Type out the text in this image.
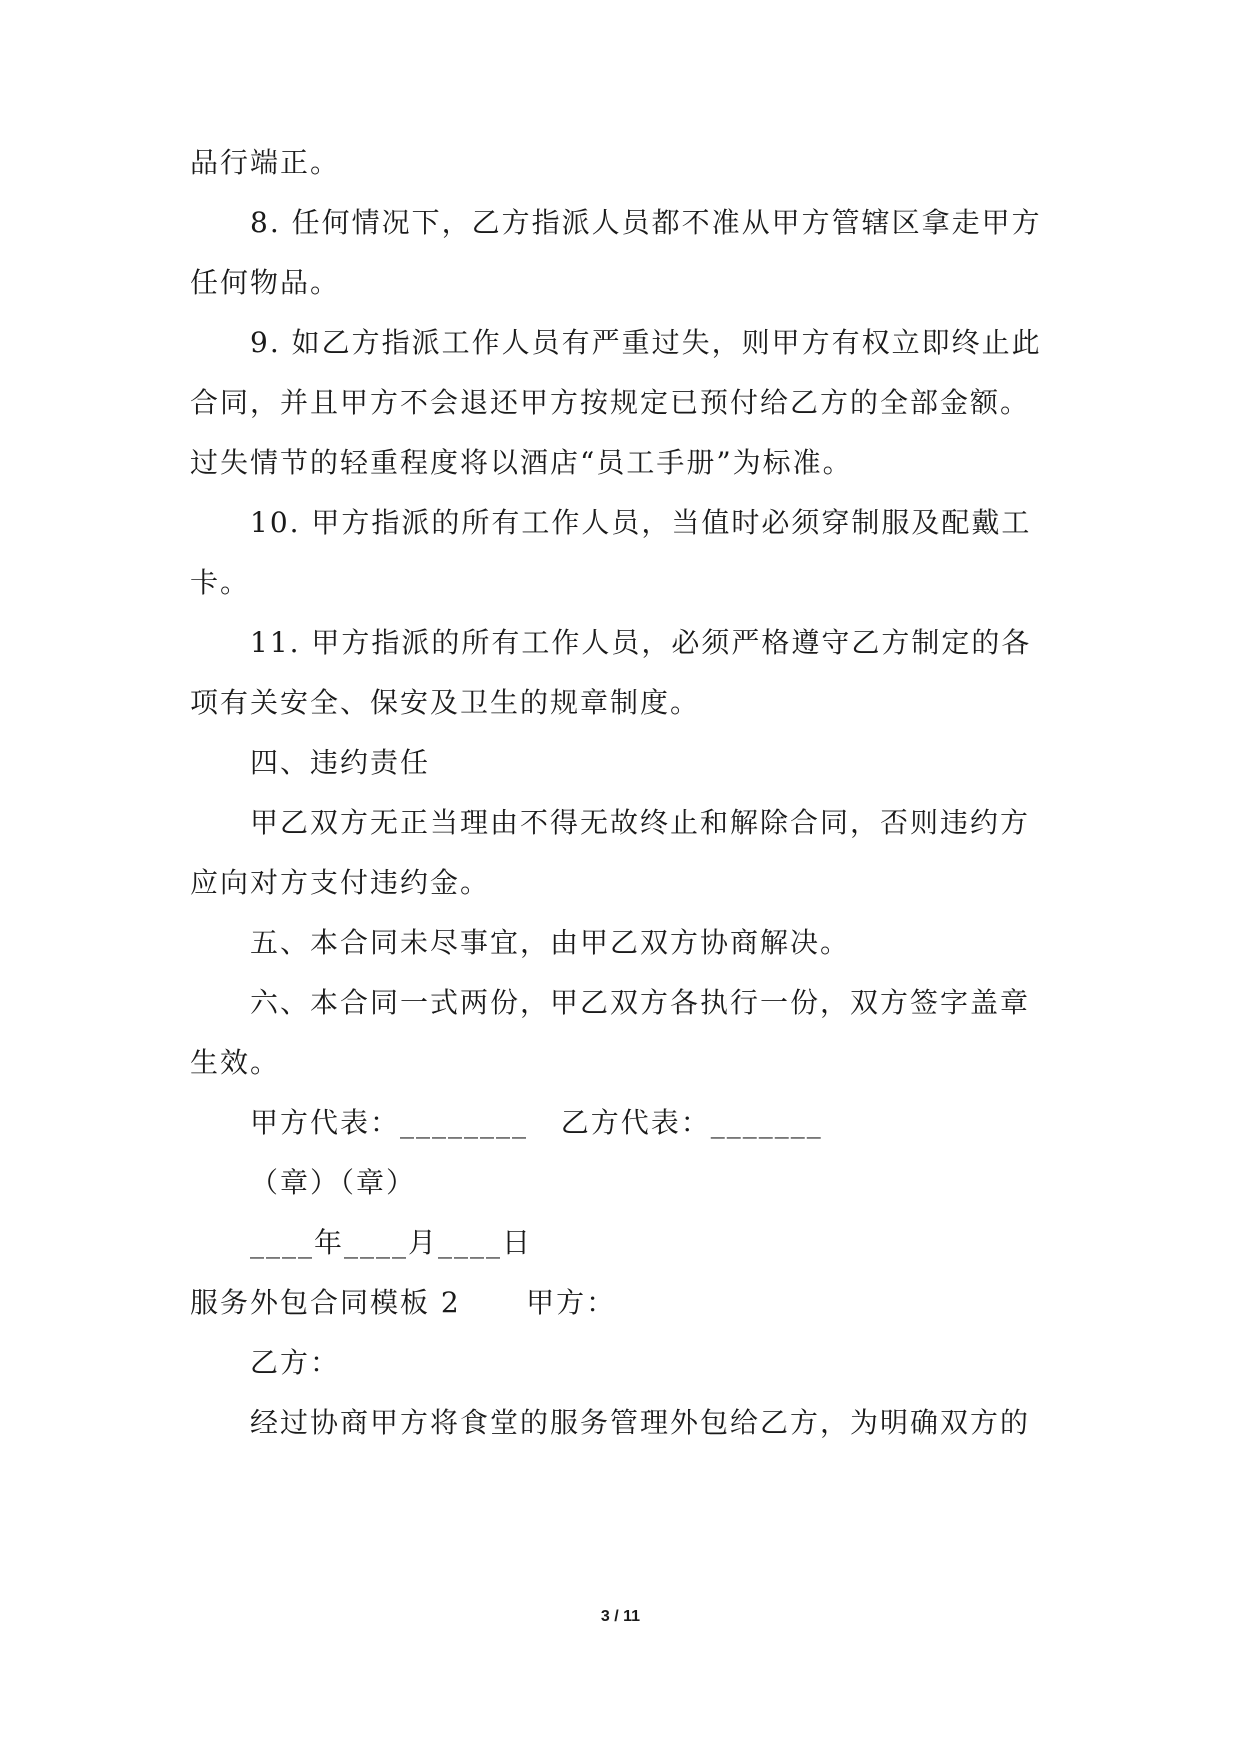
品行端正。
8. 任何情况下，乙方指派人员都不准从甲方管辖区拿走甲方
任何物品。
9. 如乙方指派工作人员有严重过失，则甲方有权立即终止此
合同，并且甲方不会退还甲方按规定已预付给乙方的全部金额。
过失情节的轻重程度将以酒店“员工手册”为标准。
10. 甲方指派的所有工作人员，当值时必须穿制服及配戴工
卡。
11. 甲方指派的所有工作人员，必须严格遵守乙方制定的各
项有关安全、保安及卫生的规章制度。
四、违约责任
甲乙双方无正当理由不得无故终止和解除合同，否则违约方
应向对方支付违约金。
五、本合同未尽事宜，由甲乙双方协商解决。
六、本合同一式两份，甲乙双方各执行一份，双方签字盖章
生效。
甲方代表：________   乙方代表：_______
（章）（章）
____年____月____日
服务外包合同模板 2      甲方：
乙方：
经过协商甲方将食堂的服务管理外包给乙方，为明确双方的
3 / 11
